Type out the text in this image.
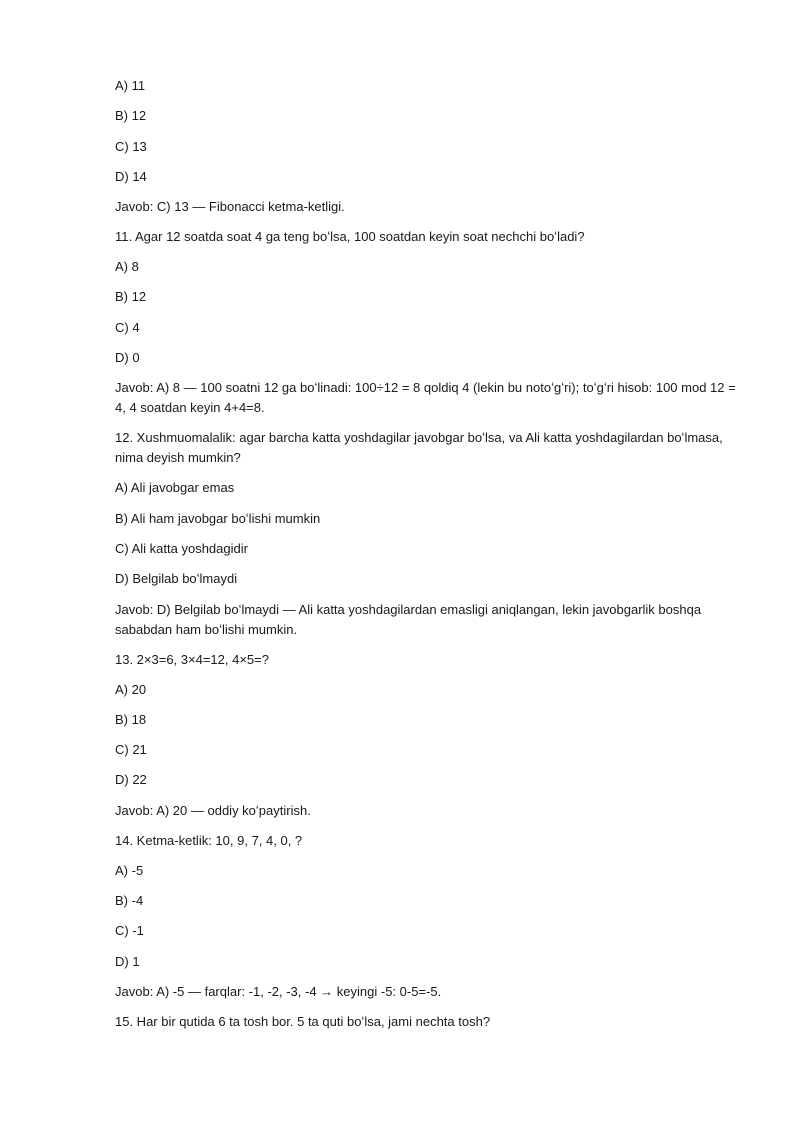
A) 11

B) 12

C) 13

D) 14

Javob: C) 13 — Fibonacci ketma-ketligi.

11. Agar 12 soatda soat 4 ga teng boʻlsa, 100 soatdan keyin soat nechchi boʻladi?

A) 8

B) 12

C) 4

D) 0

Javob: A) 8 — 100 soatni 12 ga boʻlinadi: 100÷12 = 8 qoldiq 4 (lekin bu notoʻgʻri); toʻgʻri hisob: 100 mod 12 = 4, 4 soatdan keyin 4+4=8.

12. Xushmuomalalik: agar barcha katta yoshdagilar javobgar boʻlsa, va Ali katta yoshdagilardan boʻlmasa, nima deyish mumkin?

A) Ali javobgar emas

B) Ali ham javobgar boʻlishi mumkin

C) Ali katta yoshdagidir

D) Belgilab boʻlmaydi

Javob: D) Belgilab boʻlmaydi — Ali katta yoshdagilardan emasligi aniqlangan, lekin javobgarlik boshqa sababdan ham boʻlishi mumkin.

13. 2×3=6, 3×4=12, 4×5=?

A) 20

B) 18

C) 21

D) 22

Javob: A) 20 — oddiy koʻpaytirish.

14. Ketma-ketlik: 10, 9, 7, 4, 0, ?

A) -5

B) -4

C) -1

D) 1

Javob: A) -5 — farqlar: -1, -2, -3, -4 → keyingi -5: 0-5=-5.

15. Har bir qutida 6 ta tosh bor. 5 ta quti boʻlsa, jami nechta tosh?
